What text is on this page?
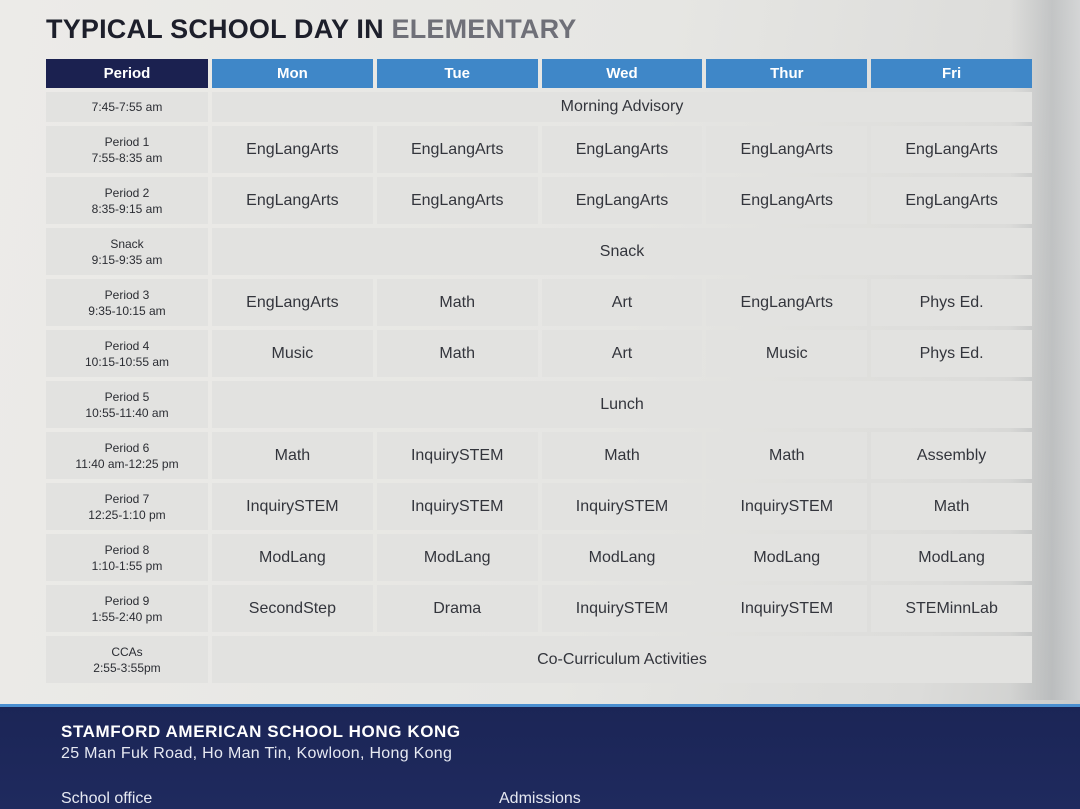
TYPICAL SCHOOL DAY IN ELEMENTARY
Period	Mon	Tue	Wed	Thur	Fri

7:45-7:55 am	Morning Advisory				

Period 1
7:55-8:35 am	EngLangArts	EngLangArts	EngLangArts	EngLangArts	EngLangArts

Period 2
8:35-9:15 am	EngLangArts	EngLangArts	EngLangArts	EngLangArts	EngLangArts

Snack
9:15-9:35 am	Snack				

Period 3
9:35-10:15 am	EngLangArts	Math	Art	EngLangArts	Phys Ed.

Period 4
10:15-10:55 am	Music	Math	Art	Music	Phys Ed.

Period 5
10:55-11:40 am	Lunch				

Period 6
11:40 am-12:25 pm	Math	InquirySTEM	Math	Math	Assembly

Period 7
12:25-1:10 pm	InquirySTEM	InquirySTEM	InquirySTEM	InquirySTEM	Math

Period 8
1:10-1:55 pm	ModLang	ModLang	ModLang	ModLang	ModLang

Period 9
1:55-2:40 pm	SecondStep	Drama	InquirySTEM	InquirySTEM	STEMinnLab

CCAs
2:55-3:55pm	Co-Curriculum Activities				
STAMFORD AMERICAN SCHOOL HONG KONG
25 Man Fuk Road, Ho Man Tin, Kowloon, Hong Kong
School office	Admissions
